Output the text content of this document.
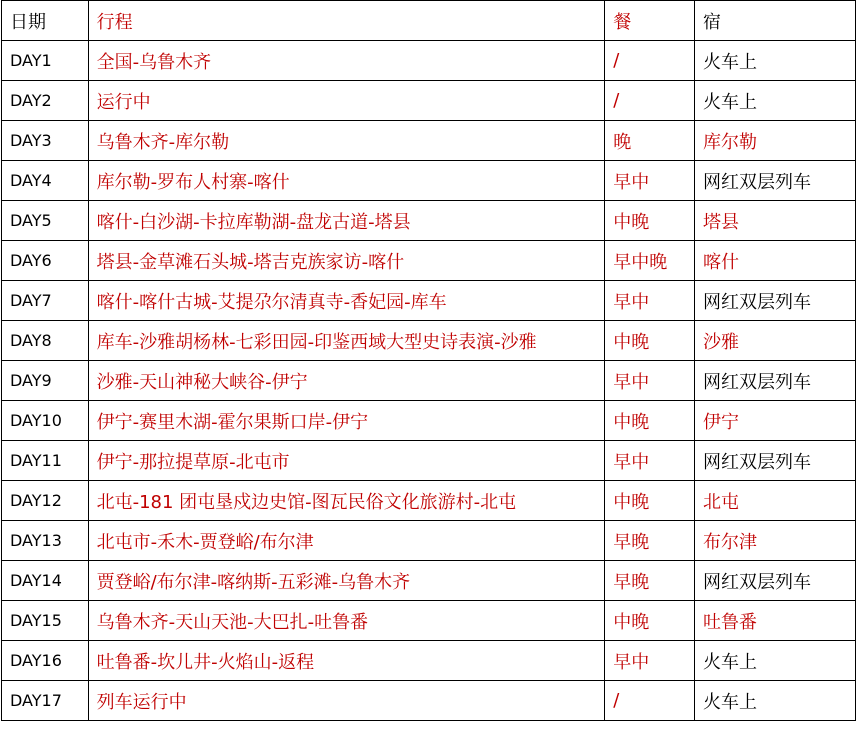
日期	行程	餐	宿
DAY1	全国-乌鲁木齐	/	火车上
DAY2	运行中	/	火车上
DAY3	乌鲁木齐-库尔勒	晚	库尔勒
DAY4	库尔勒-罗布人村寨-喀什	早中	网红双层列车
DAY5	喀什-白沙湖-卡拉库勒湖-盘龙古道-塔县	中晚	塔县
DAY6	塔县-金草滩石头城-塔吉克族家访-喀什	早中晚	喀什
DAY7	喀什-喀什古城-艾提尕尔清真寺-香妃园-库车	早中	网红双层列车
DAY8	库车-沙雅胡杨林-七彩田园-印鉴西域大型史诗表演-沙雅	中晚	沙雅
DAY9	沙雅-天山神秘大峡谷-伊宁	早中	网红双层列车
DAY10	伊宁-赛里木湖-霍尔果斯口岸-伊宁	中晚	伊宁
DAY11	伊宁-那拉提草原-北屯市	早中	网红双层列车
DAY12	北屯-181 团屯垦戍边史馆-图瓦民俗文化旅游村-北屯	中晚	北屯
DAY13	北屯市-禾木-贾登峪/布尔津	早晚	布尔津
DAY14	贾登峪/布尔津-喀纳斯-五彩滩-乌鲁木齐	早晚	网红双层列车
DAY15	乌鲁木齐-天山天池-大巴扎-吐鲁番	中晚	吐鲁番
DAY16	吐鲁番-坎儿井-火焰山-返程	早中	火车上
DAY17	列车运行中	/	火车上
